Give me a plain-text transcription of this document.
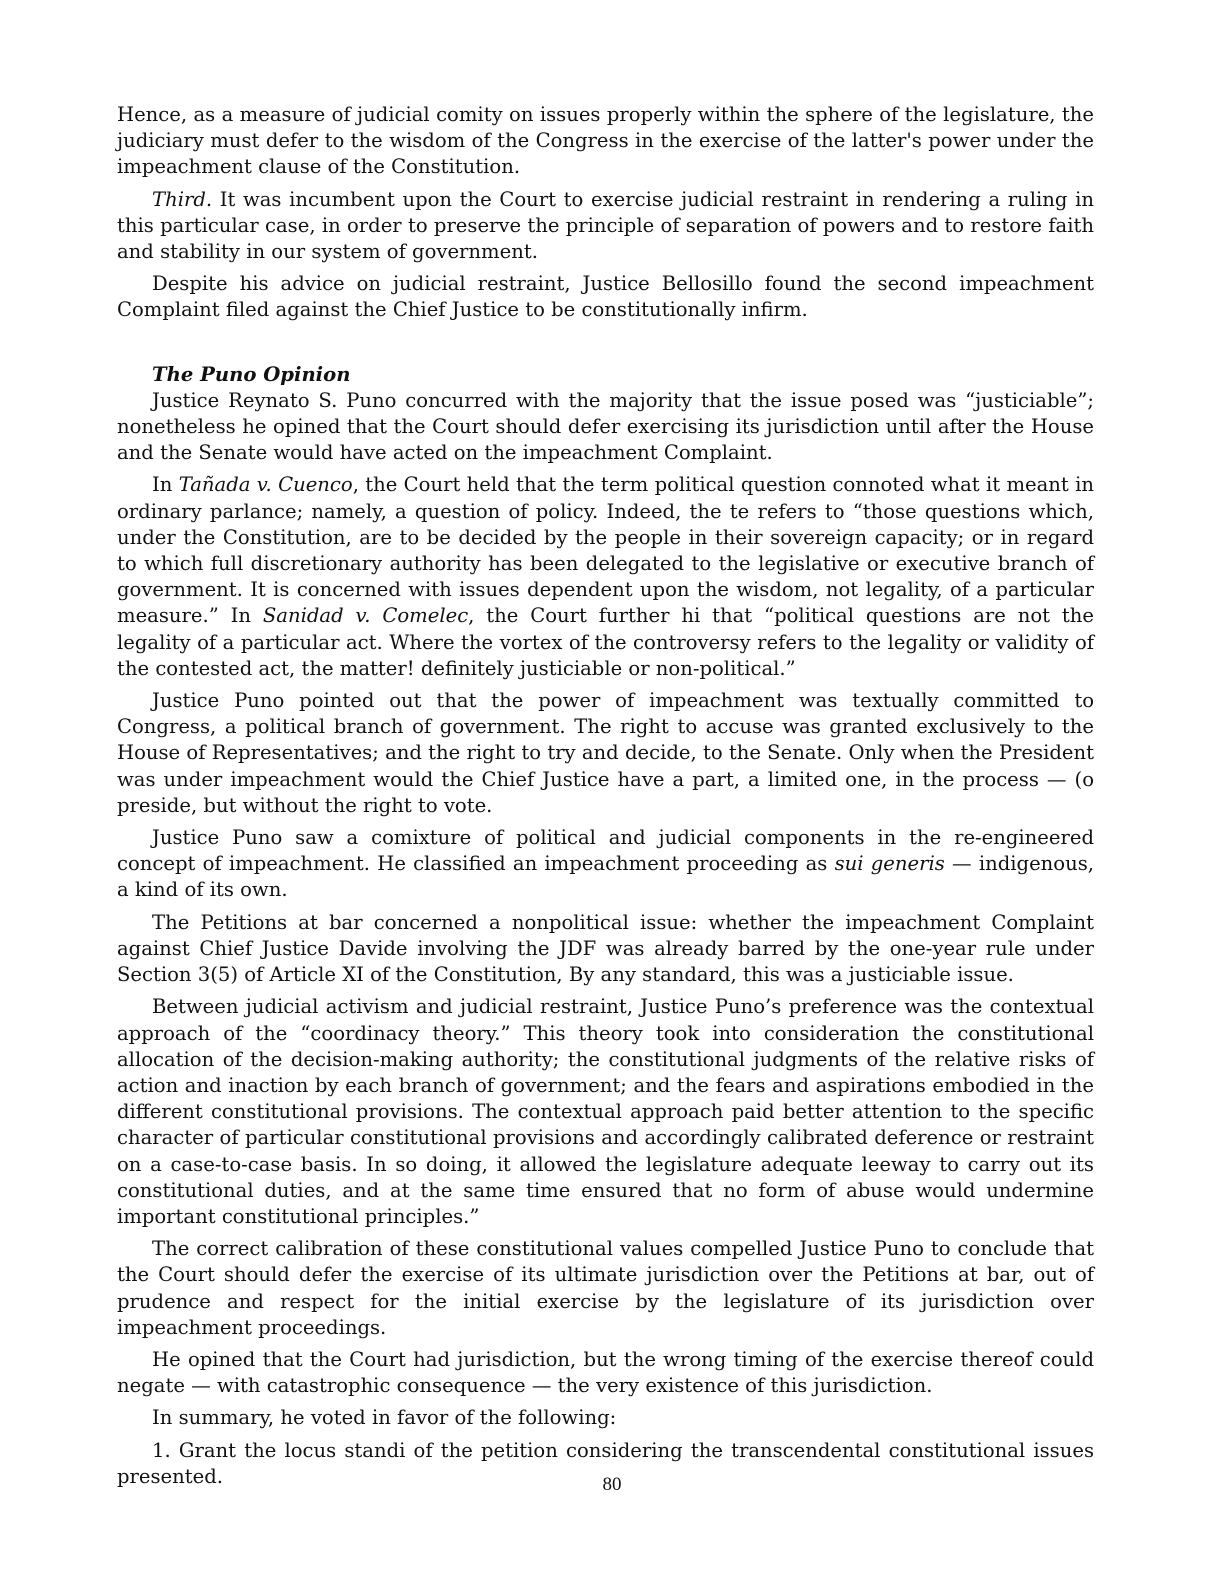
Hence, as a measure of judicial comity on issues properly within the sphere of the legislature, the judiciary must defer to the wisdom of the Congress in the exercise of the latter's power under the impeachment clause of the Constitution.

Third. It was incumbent upon the Court to exercise judicial restraint in rendering a ruling in this particular case, in order to preserve the principle of separation of powers and to restore faith and stability in our system of government.

Despite his advice on judicial restraint, Justice Bellosillo found the second impeachment Complaint filed against the Chief Justice to be constitutionally infirm.

The Puno Opinion

Justice Reynato S. Puno concurred with the majority that the issue posed was “justiciable”; nonetheless he opined that the Court should defer exercising its jurisdiction until after the House and the Senate would have acted on the impeachment Complaint.

In Tañada v. Cuenco, the Court held that the term political question connoted what it meant in ordinary parlance; namely, a question of policy. Indeed, the te refers to “those questions which, under the Constitution, are to be decided by the people in their sovereign capacity; or in regard to which full discretionary authority has been delegated to the legislative or executive branch of government. It is concerned with issues dependent upon the wisdom, not legality, of a particular measure.” In Sanidad v. Comelec, the Court further hi that “political questions are not the legality of a particular act. Where the vortex of the controversy refers to the legality or validity of the contested act, the matter! definitely justiciable or non-political.”

Justice Puno pointed out that the power of impeachment was textually committed to Congress, a political branch of government. The right to accuse was granted exclusively to the House of Representatives; and the right to try and decide, to the Senate. Only when the President was under impeachment would the Chief Justice have a part, a limited one, in the process — (o preside, but without the right to vote.

Justice Puno saw a comixture of political and judicial components in the re-engineered concept of impeachment. He classified an impeachment proceeding as sui generis — indigenous, a kind of its own.

The Petitions at bar concerned a nonpolitical issue: whether the impeachment Complaint against Chief Justice Davide involving the JDF was already barred by the one-year rule under Section 3(5) of Article XI of the Constitution, By any standard, this was a justiciable issue.

Between judicial activism and judicial restraint, Justice Puno’s preference was the contextual approach of the “coordinacy theory.” This theory took into consideration the constitutional allocation of the decision-making authority; the constitutional judgments of the relative risks of action and inaction by each branch of government; and the fears and aspirations embodied in the different constitutional provisions. The contextual approach paid better attention to the specific character of particular constitutional provisions and accordingly calibrated deference or restraint on a case-to-case basis. In so doing, it allowed the legislature adequate leeway to carry out its constitutional duties, and at the same time ensured that no form of abuse would undermine important constitutional principles.”

The correct calibration of these constitutional values compelled Justice Puno to conclude that the Court should defer the exercise of its ultimate jurisdiction over the Petitions at bar, out of prudence and respect for the initial exercise by the legislature of its jurisdiction over impeachment proceedings.

He opined that the Court had jurisdiction, but the wrong timing of the exercise thereof could negate — with catastrophic consequence — the very existence of this jurisdiction.

In summary, he voted in favor of the following:

1. Grant the locus standi of the petition considering the transcendental constitutional issues presented.	80
